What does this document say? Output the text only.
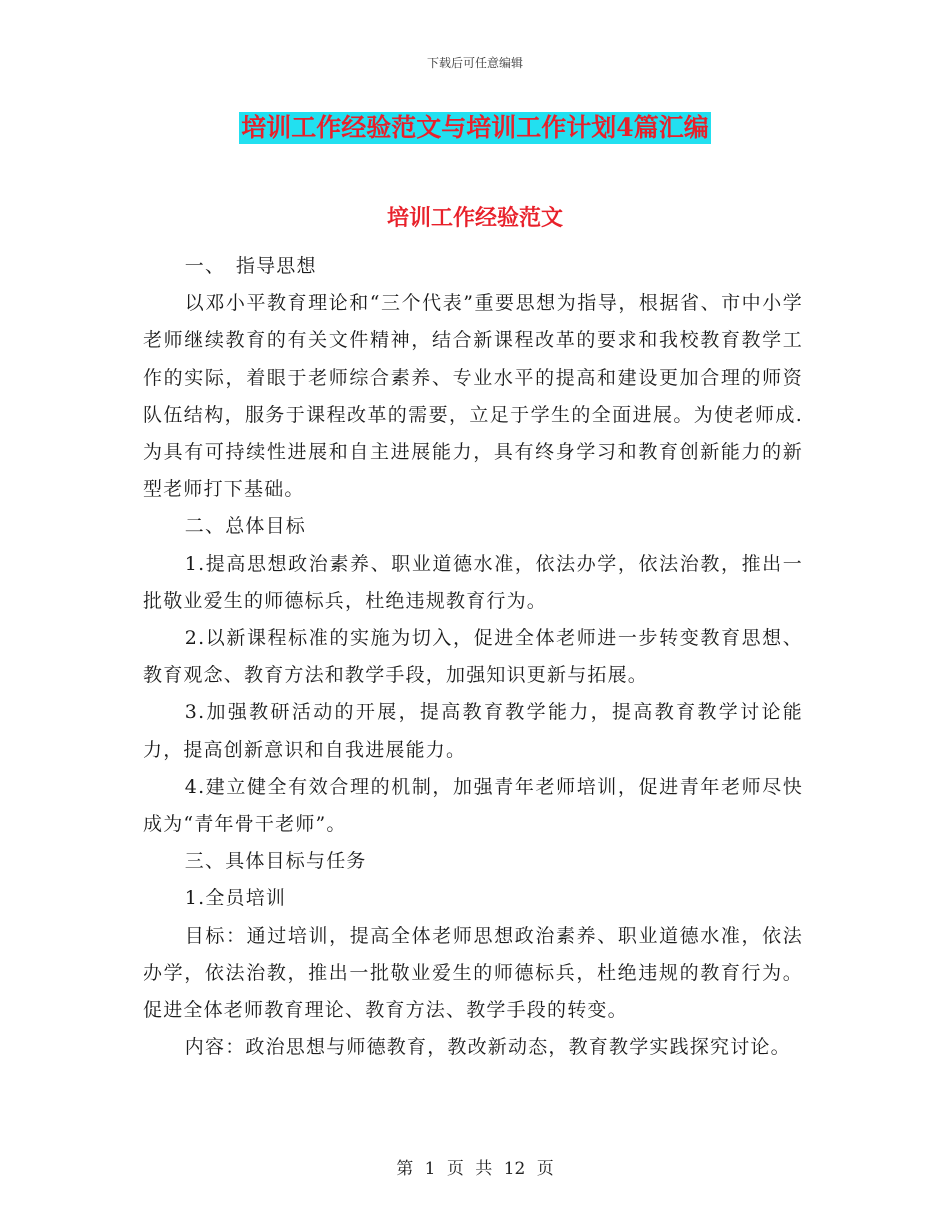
下载后可任意编辑
培训工作经验范文与培训工作计划4篇汇编
培训工作经验范文

一、　指导思想

以邓小平教育理论和“三个代表”重要思想为指导，根据省、市中小学老师继续教育的有关文件精神，结合新课程改革的要求和我校教育教学工作的实际，着眼于老师综合素养、专业水平的提高和建设更加合理的师资队伍结构，服务于课程改革的需要，立足于学生的全面进展。为使老师成.为具有可持续性进展和自主进展能力，具有终身学习和教育创新能力的新型老师打下基础。

二、总体目标

1.提高思想政治素养、职业道德水准，依法办学，依法治教，推出一批敬业爱生的师德标兵，杜绝违规教育行为。

2.以新课程标准的实施为切入，促进全体老师进一步转变教育思想、教育观念、教育方法和教学手段，加强知识更新与拓展。

3.加强教研活动的开展，提高教育教学能力，提高教育教学讨论能力，提高创新意识和自我进展能力。

4.建立健全有效合理的机制，加强青年老师培训，促进青年老师尽快成为“青年骨干老师”。

三、具体目标与任务

1.全员培训

目标：通过培训，提高全体老师思想政治素养、职业道德水准，依法办学，依法治教，推出一批敬业爱生的师德标兵，杜绝违规的教育行为。促进全体老师教育理论、教育方法、教学手段的转变。

内容：政治思想与师德教育，教改新动态，教育教学实践探究讨论。

第 1 页 共 12 页
